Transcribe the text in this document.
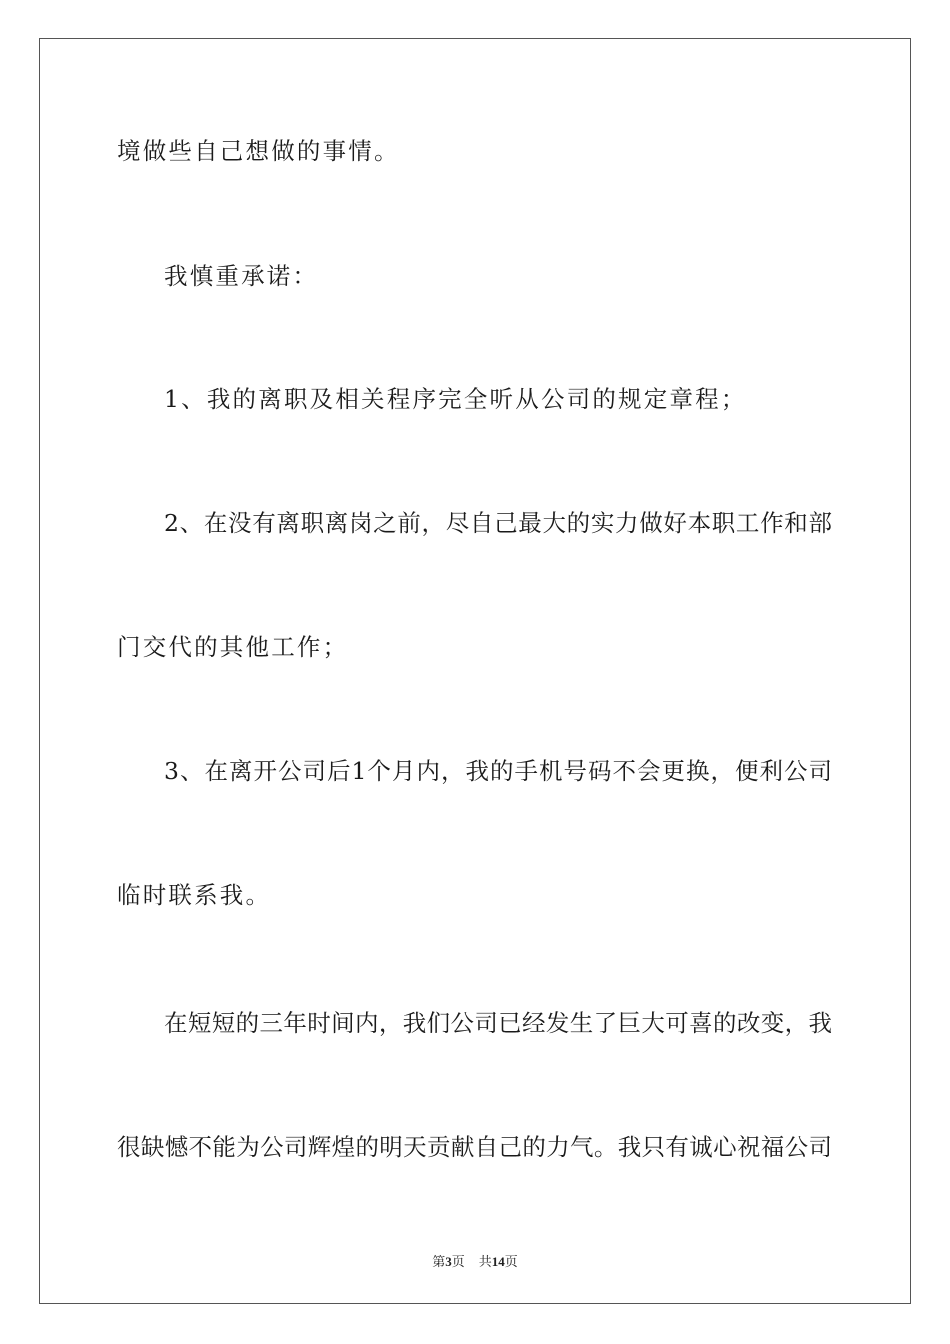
境做些自己想做的事情。
我慎重承诺：
1、我的离职及相关程序完全听从公司的规定章程；
2、在没有离职离岗之前，尽自己最大的实力做好本职工作和部
门交代的其他工作；
3、在离开公司后1个月内，我的手机号码不会更换，便利公司
临时联系我。
在短短的三年时间内，我们公司已经发生了巨大可喜的改变，我
很缺憾不能为公司辉煌的明天贡献自己的力气。我只有诚心祝福公司
第3页 共14页
